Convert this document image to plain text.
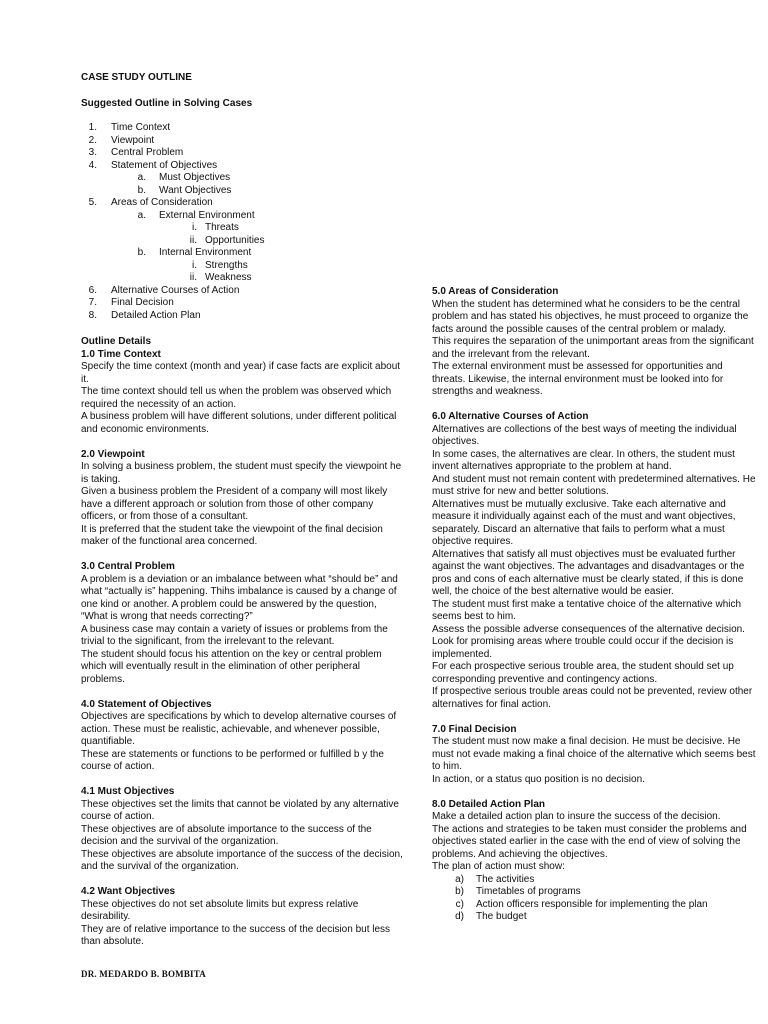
CASE STUDY OUTLINE
Suggested Outline in Solving Cases
1.	Time Context
2.	Viewpoint
3.	Central Problem
4.	Statement of Objectives
a.	Must Objectives
b.	Want Objectives
5.	Areas of Consideration
a.	External Environment
i. Threats
ii. Opportunities
b.	Internal Environment
i. Strengths
ii. Weakness
6.	Alternative Courses of Action
7.	Final Decision
8.	Detailed Action Plan
Outline Details
1.0 Time Context
Specify the time context (month and year) if case facts are explicit about it.
The time context should tell us when the problem was observed which required the necessity of an action.
A business problem will have different solutions, under different political and economic environments.
2.0 Viewpoint
In solving a business problem, the student must specify the viewpoint he is taking.
Given a business problem the President of a company will most likely have a different approach or solution from those of other company officers, or from those of a consultant.
It is preferred that the student take the viewpoint of the final decision maker of the functional area concerned.
3.0 Central Problem
A problem is a deviation or an imbalance between what “should be” and what “actually is” happening. Thihs imbalance is caused by a change of one kind or another. A problem could be answered by the question, “What is wrong that needs correcting?”
A business case may contain a variety of issues or problems from the trivial to the significant, from the irrelevant to the relevant.
The student should focus his attention on the key or central problem which will eventually result in the elimination of other peripheral problems.
4.0 Statement of Objectives
Objectives are specifications by which to develop alternative courses of action. These must be realistic, achievable, and whenever possible, quantifiable.
These are statements or functions to be performed or fulfilled b y the course of action.
4.1 Must Objectives
These objectives set the limits that cannot be violated by any alternative course of action.
These objectives are of absolute importance to the success of the decision and the survival of the organization.
These objectives are absolute importance of the success of the decision, and the survival of the organization.
4.2 Want Objectives
These objectives do not set absolute limits but express relative desirability.
They are of relative importance to the success of the decision but less than absolute.
5.0 Areas of Consideration
When the student has determined what he considers to be the central problem and has stated his objectives, he must proceed to organize the facts around the possible causes of the central problem or malady.
This requires the separation of the unimportant areas from the significant and the irrelevant from the relevant.
The external environment must be assessed for opportunities and threats. Likewise, the internal environment must be looked into for strengths and weakness.
6.0 Alternative Courses of Action
Alternatives are collections of the best ways of meeting the individual objectives.
In some cases, the alternatives are clear. In others, the student must invent alternatives appropriate to the problem at hand.
And student must not remain content with predetermined alternatives. He must strive for new and better solutions.
Alternatives must be mutually exclusive. Take each alternative and measure it individually against each of the must and want objectives, separately. Discard an alternative that fails to perform what a must objective requires.
Alternatives that satisfy all must objectives must be evaluated further against the want objectives. The advantages and disadvantages or the pros and cons of each alternative must be clearly stated, if this is done well, the choice of the best alternative would be easier.
The student must first make a tentative choice of the alternative which seems best to him.
Assess the possible adverse consequences of the alternative decision.
Look for promising areas where trouble could occur if the decision is implemented.
For each prospective serious trouble area, the student should set up corresponding preventive and contingency actions.
If prospective serious trouble areas could not be prevented, review other alternatives for final action.
7.0 Final Decision
The student must now make a final decision. He must be decisive. He must not evade making a final choice of the alternative which seems best to him.
In action, or a status quo position is no decision.
8.0 Detailed Action Plan
Make a detailed action plan to insure the success of the decision.
The actions and strategies to be taken must consider the problems and objectives stated earlier in the case with the end of view of solving the problems. And achieving the objectives.
The plan of action must show:
a)	The activities
b)	Timetables of programs
c)	Action officers responsible for implementing the plan
d)	The budget
DR. MEDARDO B. BOMBITA
